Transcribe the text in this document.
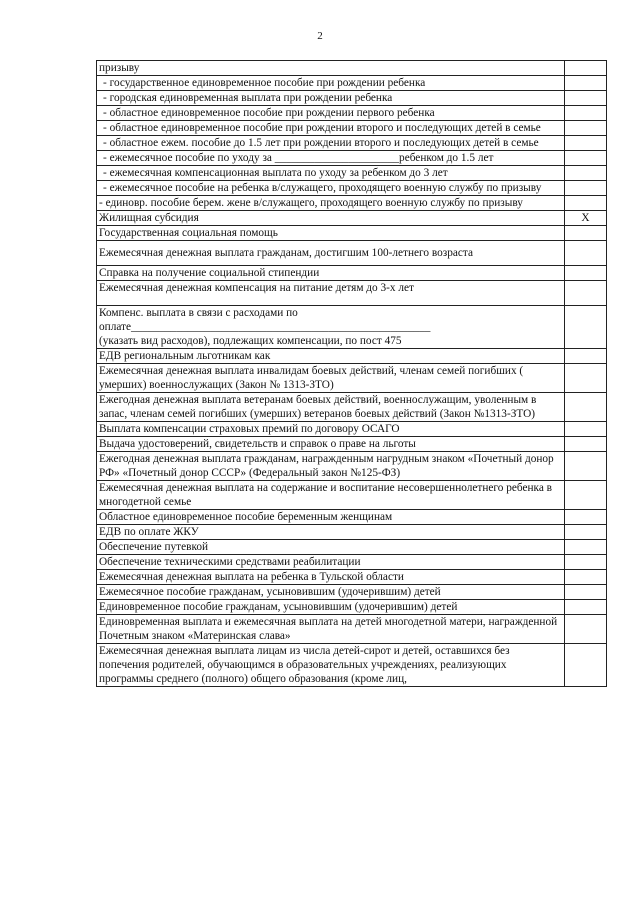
2
призыву	
- государственное единовременное пособие при рождении ребенка	
- городская единовременная выплата при рождении ребенка	
- областное единовременное пособие при рождении первого ребенка	
- областное единовременное пособие при рождении второго и последующих детей в семье	
- областное ежем. пособие до 1.5 лет при рождении второго и последующих детей в семье	
- ежемесячное пособие по уходу за ______________________ребенком до 1.5 лет	
- ежемесячная компенсационная выплата по уходу за ребенком до 3 лет	
- ежемесячное пособие на ребенка в/служащего, проходящего военную службу по призыву	
- единовр. пособие берем. жене в/служащего, проходящего военную службу по призыву	
Жилищная субсидия	X
Государственная социальная помощь	
Ежемесячная денежная выплата гражданам, достигшим 100-летнего возраста	
Справка на получение социальной стипендии	
Ежемесячная денежная компенсация на питание детям до 3-х лет	

Компенс. выплата в связи с расходами по
оплате_____________________________________________________
(указать вид расходов), подлежащих компенсации, по пост 475	

ЕДВ региональным льготникам как	
Ежемесячная денежная выплата инвалидам боевых действий, членам семей погибших ( умерших) военнослужащих (Закон № 1313-ЗТО)	
Ежегодная денежная выплата ветеранам боевых действий, военнослужащим, уволенным в запас, членам семей погибших (умерших) ветеранов боевых действий (Закон №1313-ЗТО)	
Выплата компенсации страховых премий по договору ОСАГО	
Выдача удостоверений, свидетельств и справок о праве на льготы	
Ежегодная денежная выплата гражданам, награжденным нагрудным знаком «Почетный донор РФ» «Почетный донор СССР» (Федеральный закон №125-ФЗ)	
Ежемесячная денежная выплата на содержание и воспитание несовершеннолетнего ребенка в многодетной семье	
Областное единовременное пособие беременным женщинам	
ЕДВ по оплате ЖКУ	
Обеспечение путевкой	
Обеспечение техническими средствами реабилитации	
Ежемесячная денежная выплата на ребенка в Тульской области	
Ежемесячное пособие гражданам, усыновившим (удочерившим) детей	
Единовременное пособие гражданам, усыновившим (удочерившим) детей	
Единовременная выплата и ежемесячная выплата на детей многодетной матери, награжденной Почетным знаком «Материнская слава»	
Ежемесячная денежная выплата лицам из числа детей-сирот и детей, оставшихся без попечения родителей, обучающимся в образовательных учреждениях, реализующих программы среднего (полного) общего образования (кроме лиц,	
